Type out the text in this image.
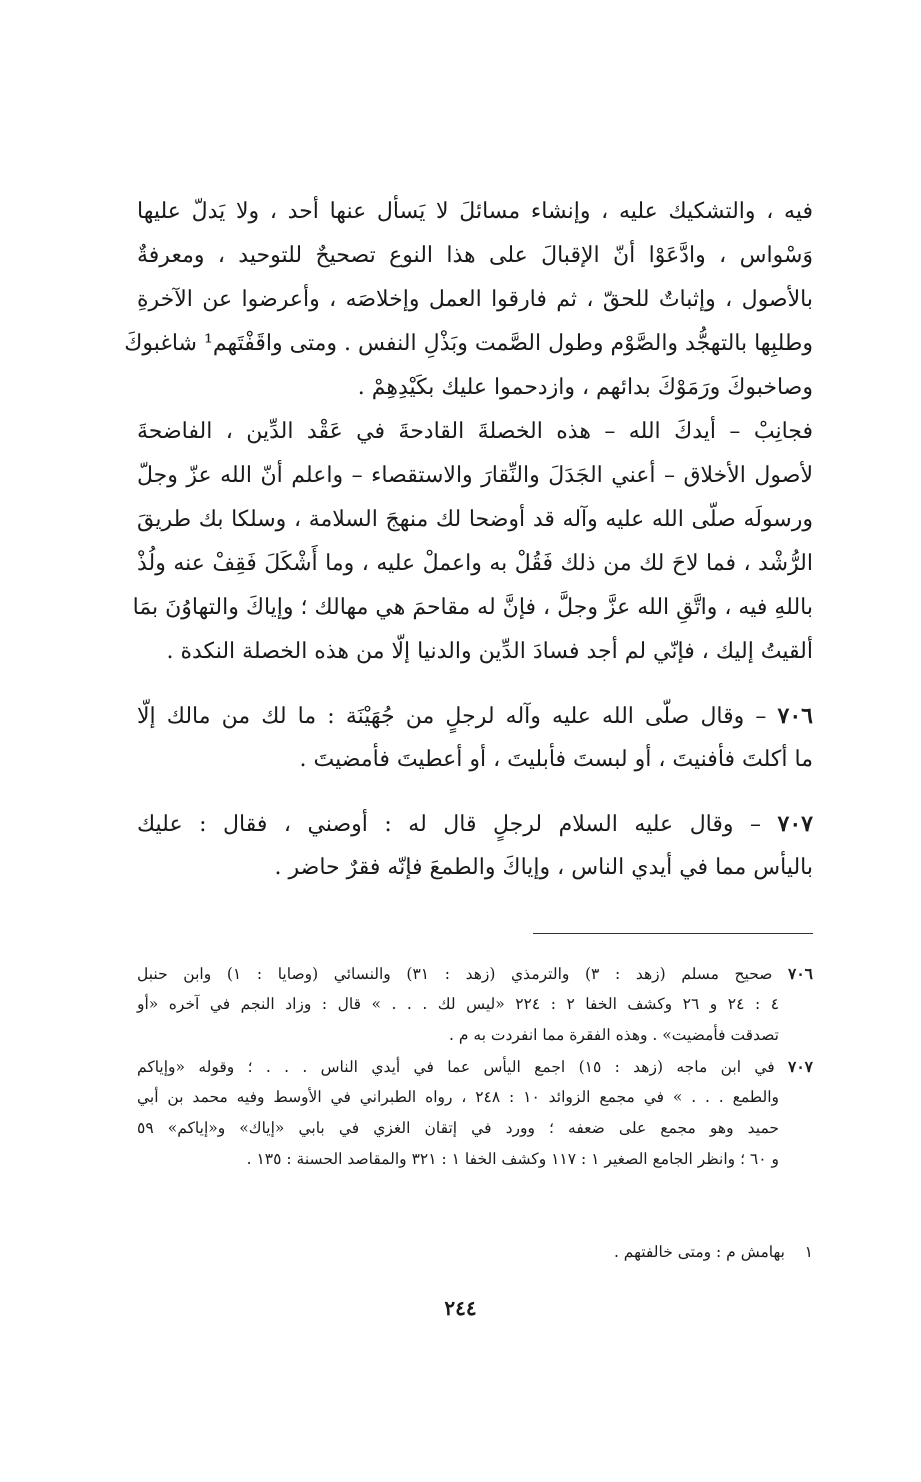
فيه ، والتشكيك عليه ، وإنشاء مسائلَ لا يَسأل عنها أحد ، ولا يَدلّ عليها
وَسْواس ، وادَّعَوْا أنّ الإقبالَ على هذا النوع تصحيحٌ للتوحيد ، ومعرفةٌ
بالأصول ، وإثباتٌ للحقّ ، ثم فارقوا العمل وإخلاصَه ، وأعرضوا عن الآخرةِ
وطلبِها بالتهجُّد والصَّوْم وطول الصَّمت وبَذْلِ النفس . ومتى واقَفْتَهم¹ شاغبوكَ
وصاخبوكَ ورَمَوْكَ بدائهم ، وازدحموا عليك بكَيْدِهِمْ .
فجانِبْ – أيدكَ الله – هذه الخصلةَ القادحةَ في عَقْد الدِّين ، الفاضحةَ
لأصول الأخلاق – أعني الجَدَلَ والنِّقارَ والاستقصاء – واعلم أنّ الله عزّ وجلّ
ورسولَه صلّى الله عليه وآله قد أوضحا لك منهجَ السلامة ، وسلكا بك طريقَ
الرُّشْد ، فما لاحَ لك من ذلك فَقُلْ به واعملْ عليه ، وما أَشْكَلَ فَقِفْ عنه ولُذْ
باللهِ فيه ، واتَّقِ الله عزَّ وجلَّ ، فإنَّ له مقاحمَ هي مهالك ؛ وإياكَ والتهاوُنَ بمَا
ألقيتُ إليك ، فإنّي لم أجد فسادَ الدِّين والدنيا إلّا من هذه الخصلة النكدة .
٧٠٦ – وقال صلّى الله عليه وآله لرجلٍ من جُهَيْنَة : ما لك من مالك إلّا
ما أكلتَ فأفنيتَ ، أو لبستَ فأبليتَ ، أو أعطيتَ فأمضيتَ .
٧٠٧ – وقال عليه السلام لرجلٍ قال له : أوصني ، فقال : عليك
باليأس مما في أيدي الناس ، وإياكَ والطمعَ فإنّه فقرٌ حاضر .
٧٠٦ صحيح مسلم (زهد : ٣) والترمذي (زهد : ٣١) والنسائي (وصايا : ١) وابن حنبل
٤ : ٢٤ و ٢٦ وكشف الخفا ٢ : ٢٢٤ «ليس لك . . . » قال : وزاد النجم في آخره «أو
تصدقت فأمضيت» . وهذه الفقرة مما انفردت به م .
٧٠٧ في ابن ماجه (زهد : ١٥) اجمع اليأس عما في أيدي الناس . . . ؛ وقوله «وإياكم
والطمع . . . » في مجمع الزوائد ١٠ : ٢٤٨ ، رواه الطبراني في الأوسط وفيه محمد بن أبي
حميد وهو مجمع على ضعفه ؛ وورد في إتقان الغزي في بابي «إياك» و«إياكم» ٥٩
و ٦٠ ؛ وانظر الجامع الصغير ١ : ١١٧ وكشف الخفا ١ : ٣٢١ والمقاصد الحسنة : ١٣٥ .
١    بهامش م : ومتى خالفتهم .
٢٤٤
